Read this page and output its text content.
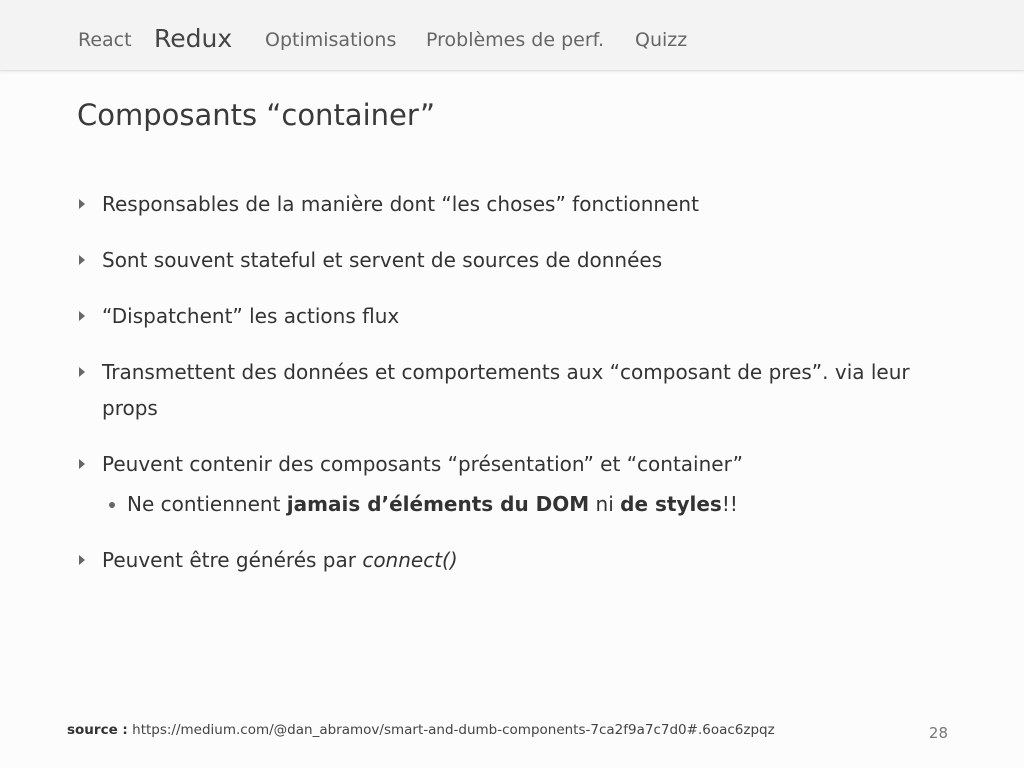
React Redux Optimisations Problèmes de perf. Quizz
Composants “container”
Responsables de la manière dont “les choses” fonctionnent
Sont souvent stateful et servent de sources de données
“Dispatchent” les actions flux
Transmettent des données et comportements aux “composant de pres”. via leur props
Peuvent contenir des composants “présentation” et “container”
Ne contiennent jamais d’éléments du DOM ni de styles!!
Peuvent être générés par connect()
source : https://medium.com/@dan_abramov/smart-and-dumb-components-7ca2f9a7c7d0#.6oac6zpqz	28
